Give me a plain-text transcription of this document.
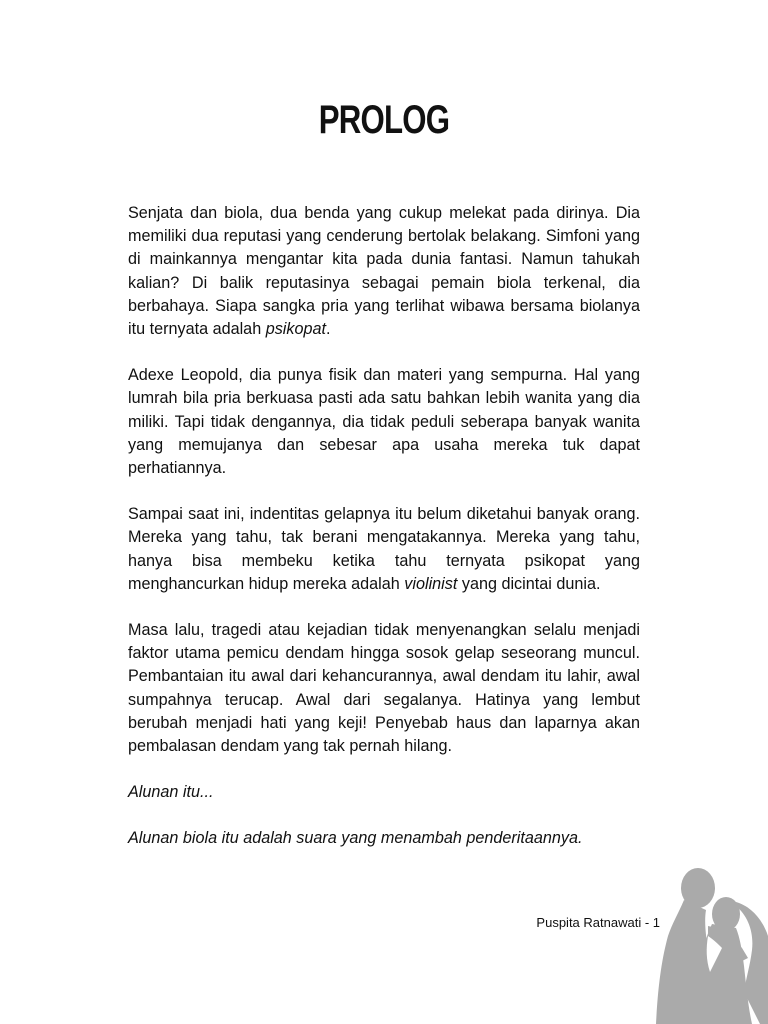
PROLOG

Senjata dan biola, dua benda yang cukup melekat pada dirinya. Dia memiliki dua reputasi yang cenderung bertolak belakang. Simfoni yang di mainkannya mengantar kita pada dunia fantasi. Namun tahukah kalian? Di balik reputasinya sebagai pemain biola terkenal, dia berbahaya. Siapa sangka pria yang terlihat wibawa bersama biolanya itu ternyata adalah psikopat.

Adexe Leopold, dia punya fisik dan materi yang sempurna. Hal yang lumrah bila pria berkuasa pasti ada satu bahkan lebih wanita yang dia miliki. Tapi tidak dengannya, dia tidak peduli seberapa banyak wanita yang memujanya dan sebesar apa usaha mereka tuk dapat perhatiannya.

Sampai saat ini, indentitas gelapnya itu belum diketahui banyak orang. Mereka yang tahu, tak berani mengatakannya. Mereka yang tahu, hanya bisa membeku ketika tahu ternyata psikopat yang menghancurkan hidup mereka adalah violinist yang dicintai dunia.

Masa lalu, tragedi atau kejadian tidak menyenangkan selalu menjadi faktor utama pemicu dendam hingga sosok gelap seseorang muncul. Pembantaian itu awal dari kehancurannya, awal dendam itu lahir, awal sumpahnya terucap. Awal dari segalanya. Hatinya yang lembut berubah menjadi hati yang keji! Penyebab haus dan laparnya akan pembalasan dendam yang tak pernah hilang.

Alunan itu...

Alunan biola itu adalah suara yang menambah penderitaannya.

Puspita Ratnawati - 1
